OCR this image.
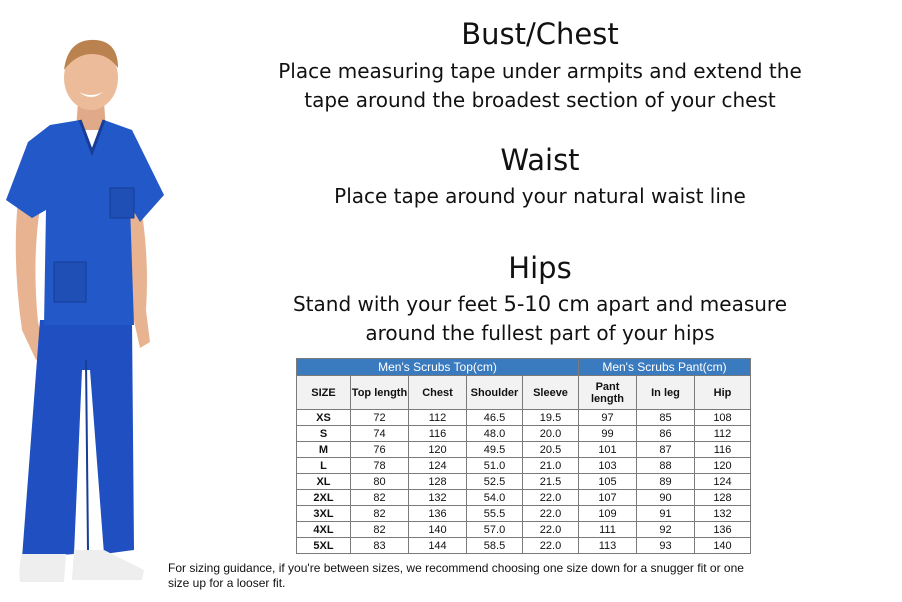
Bust/Chest
Place measuring tape under armpits and extend the
tape around the broadest section of your chest
Waist
Place tape around your natural waist line
Hips
Stand with your feet 5-10 cm apart and measure
around the fullest part of your hips
Men's Scrubs Top(cm)					Men's Scrubs Pant(cm)		
SIZE	Top length	Chest	Shoulder	Sleeve	Pant length	In leg	Hip
XS	72	112	46.5	19.5	97	85	108
S	74	116	48.0	20.0	99	86	112
M	76	120	49.5	20.5	101	87	116
L	78	124	51.0	21.0	103	88	120
XL	80	128	52.5	21.5	105	89	124
2XL	82	132	54.0	22.0	107	90	128
3XL	82	136	55.5	22.0	109	91	132
4XL	82	140	57.0	22.0	111	92	136
5XL	83	144	58.5	22.0	113	93	140

For sizing guidance, if you're between sizes, we recommend choosing one size down for a snugger fit or one size up for a looser fit.
